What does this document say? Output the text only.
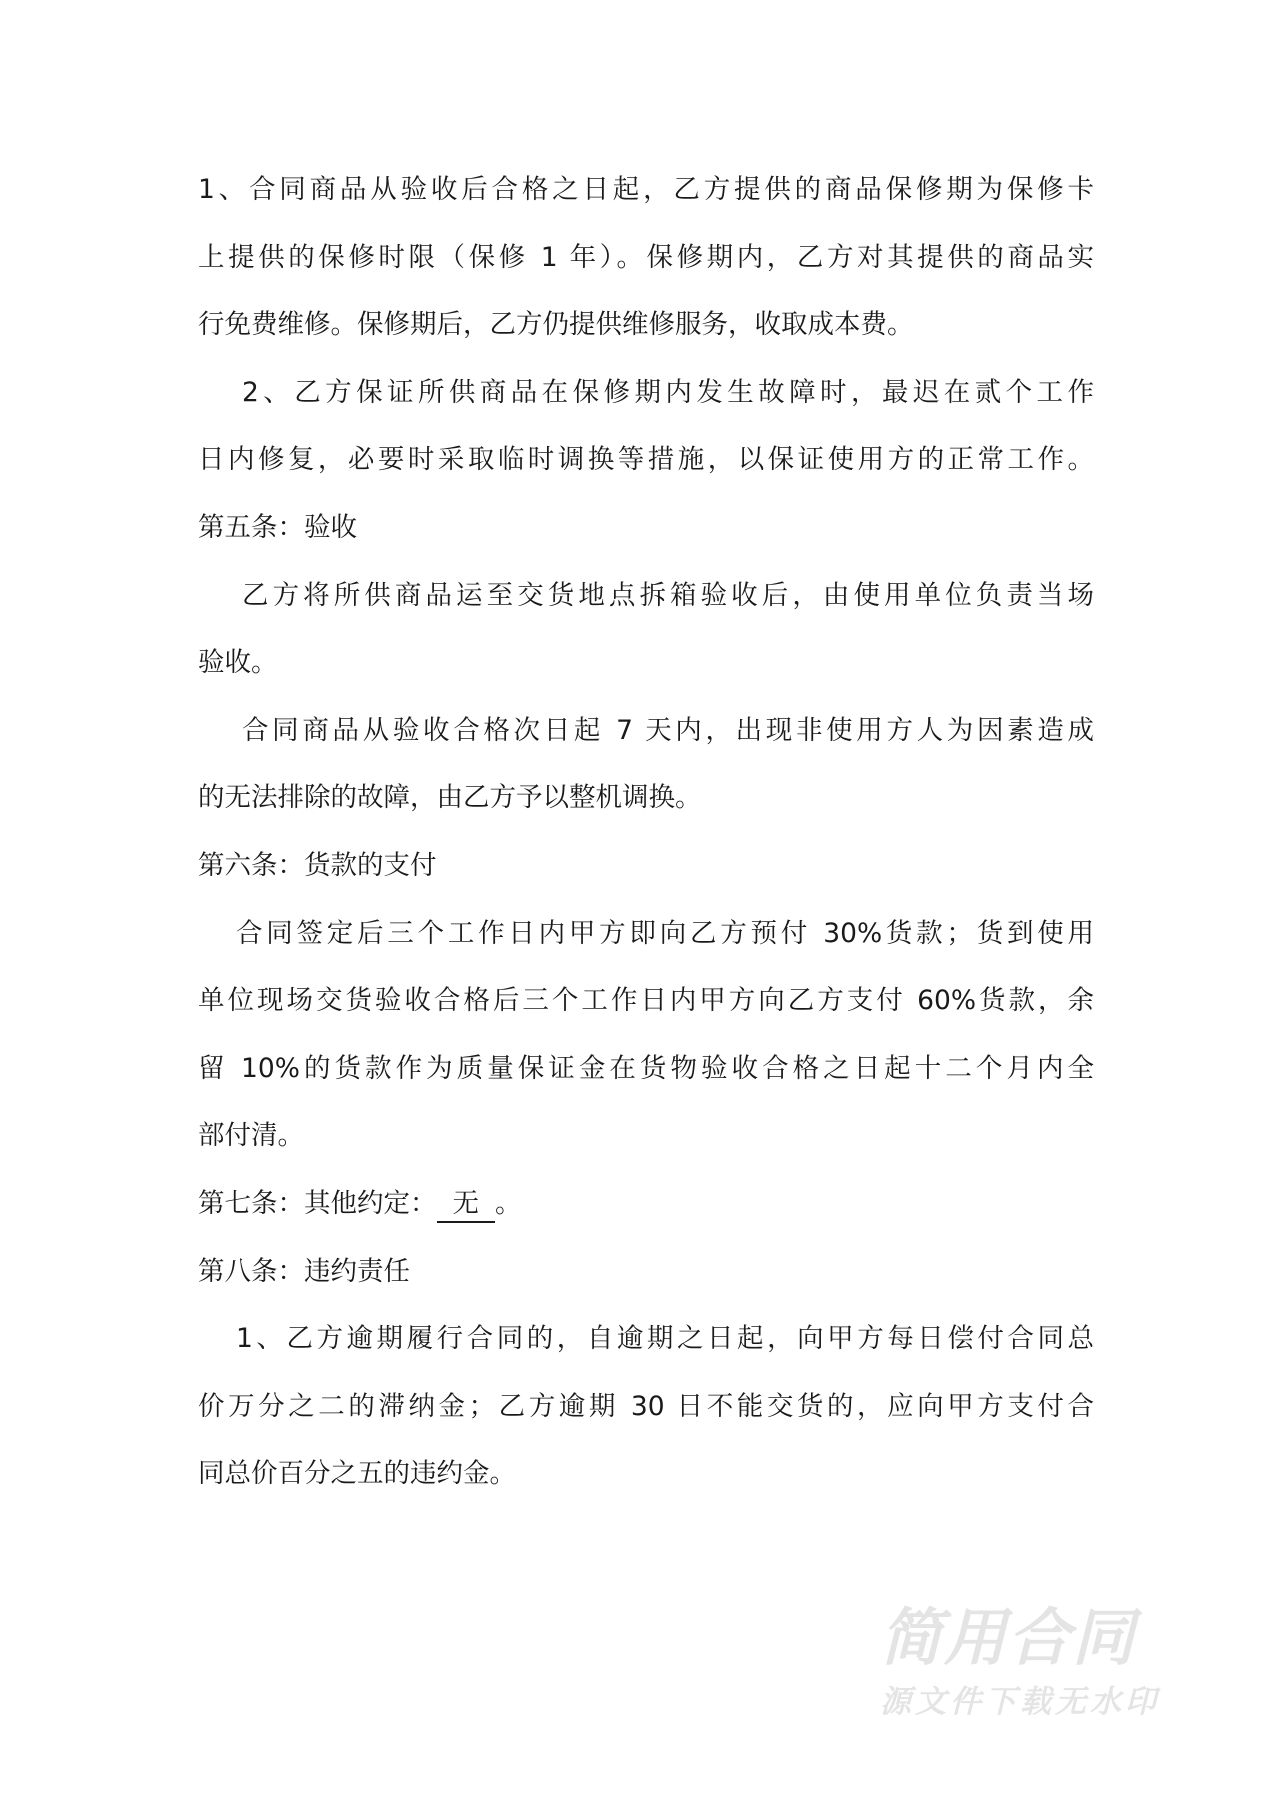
1、合同商品从验收后合格之日起，乙方提供的商品保修期为保修卡
上提供的保修时限（保修 1 年）。保修期内，乙方对其提供的商品实
行免费维修。保修期后，乙方仍提供维修服务，收取成本费。
2、乙方保证所供商品在保修期内发生故障时，最迟在贰个工作
日内修复，必要时采取临时调换等措施，以保证使用方的正常工作。
第五条：验收
乙方将所供商品运至交货地点拆箱验收后，由使用单位负责当场
验收。
合同商品从验收合格次日起 7 天内，出现非使用方人为因素造成
的无法排除的故障，由乙方予以整机调换。
第六条：货款的支付
合同签定后三个工作日内甲方即向乙方预付 30%货款；货到使用
单位现场交货验收合格后三个工作日内甲方向乙方支付 60%货款，余
留 10%的货款作为质量保证金在货物验收合格之日起十二个月内全
部付清。
第七条：其他约定： 无 。
第八条：违约责任
1、乙方逾期履行合同的，自逾期之日起，向甲方每日偿付合同总
价万分之二的滞纳金；乙方逾期 30 日不能交货的，应向甲方支付合
同总价百分之五的违约金。
简用合同
源文件下载无水印
